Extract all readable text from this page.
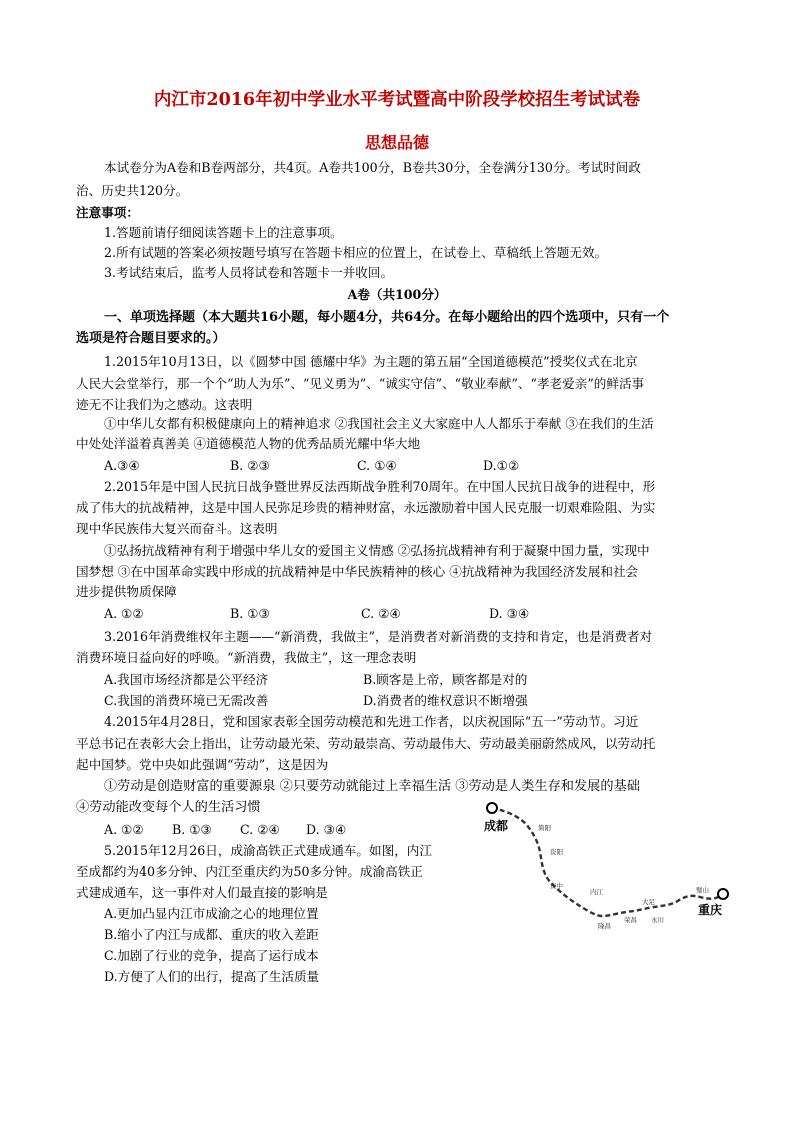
内江市2016年初中学业水平考试暨高中阶段学校招生考试试卷
思想品德
本试卷分为A卷和B卷两部分，共4页。A卷共100分，B卷共30分，全卷满分130分。考试时间政
治、历史共120分。
注意事项：
1.答题前请仔细阅读答题卡上的注意事项。
2.所有试题的答案必须按题号填写在答题卡相应的位置上，在试卷上、草稿纸上答题无效。
3.考试结束后，监考人员将试卷和答题卡一并收回。
A卷（共100分）
一、单项选择题（本大题共16小题，每小题4分，共64分。在每小题给出的四个选项中，只有一个
选项是符合题目要求的。）
1.2015年10月13日，以《圆梦中国 德耀中华》为主题的第五届“全国道德模范”授奖仪式在北京
人民大会堂举行，那一个个“助人为乐”、“见义勇为”、“诚实守信”、“敬业奉献”、“孝老爱亲”的鲜活事
迹无不让我们为之感动。这表明
①中华儿女都有积极健康向上的精神追求 ②我国社会主义大家庭中人人都乐于奉献 ③在我们的生活
中处处洋溢着真善美 ④道德模范人物的优秀品质光耀中华大地
A.③④	B. ②③	C. ①④	D.①②
2.2015年是中国人民抗日战争暨世界反法西斯战争胜利70周年。在中国人民抗日战争的进程中，形
成了伟大的抗战精神，这是中国人民弥足珍贵的精神财富，永远激励着中国人民克服一切艰难险阻、为实
现中华民族伟大复兴而奋斗。这表明
①弘扬抗战精神有利于增强中华儿女的爱国主义情感 ②弘扬抗战精神有利于凝聚中国力量，实现中
国梦想 ③在中国革命实践中形成的抗战精神是中华民族精神的核心 ④抗战精神为我国经济发展和社会
进步提供物质保障
A. ①②	B. ①③	C. ②④	D. ③④
3.2016年消费维权年主题——“新消费，我做主”，是消费者对新消费的支持和肯定，也是消费者对
消费环境日益向好的呼唤。“新消费，我做主”，这一理念表明
A.我国市场经济都是公平经济	B.顾客是上帝，顾客都是对的
C.我国的消费环境已无需改善	D.消费者的维权意识不断增强
4.2015年4月28日，党和国家表彰全国劳动模范和先进工作者，以庆祝国际“五一”劳动节。习近
平总书记在表彰大会上指出，让劳动最光荣、劳动最崇高、劳动最伟大、劳动最美丽蔚然成风，以劳动托
起中国梦。党中央如此强调“劳动”，这是因为
①劳动是创造财富的重要源泉 ②只要劳动就能过上幸福生活 ③劳动是人类生存和发展的基础
④劳动能改变每个人的生活习惯
A. ①② B. ①③ C. ②④ D. ③④
5.2015年12月26日，成渝高铁正式建成通车。如图，内江
至成都约为40多分钟、内江至重庆约为50多分钟。成渝高铁正
式建成通车，这一事件对人们最直接的影响是
A.更加凸显内江市成渝之心的地理位置
B.缩小了内江与成都、重庆的收入差距
C.加剧了行业的竞争，提高了运行成本
D.方便了人们的出行，提高了生活质量
成都
重庆
简阳
资阳
资中
内江
隆昌
荣昌
大足
永川
璧山
